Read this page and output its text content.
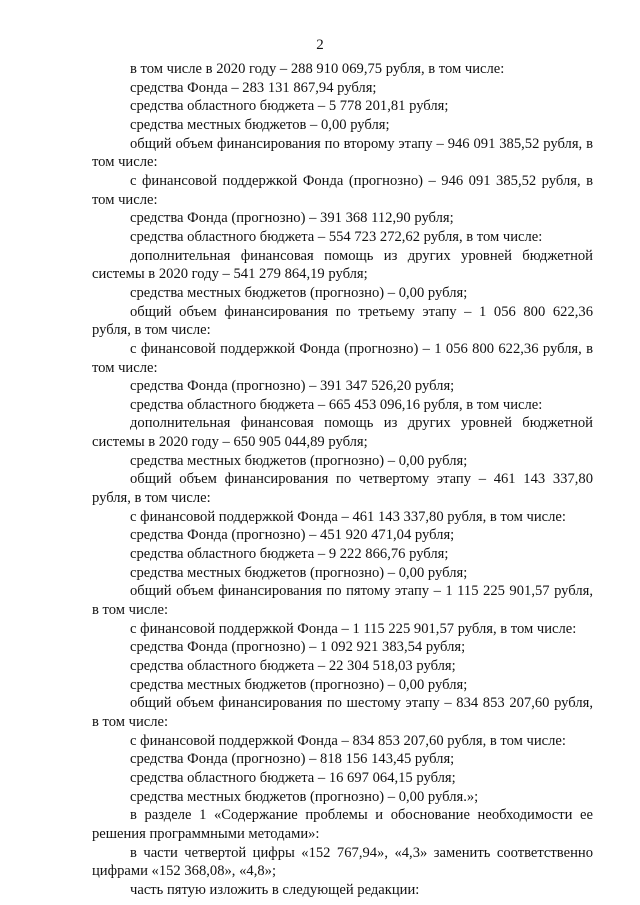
2

в том числе в 2020 году – 288 910 069,75 рубля, в том числе:

средства Фонда – 283 131 867,94 рубля;

средства областного бюджета – 5 778 201,81 рубля;

средства местных бюджетов – 0,00 рубля;

общий объем финансирования по второму этапу – 946 091 385,52 рубля, в том числе:

с финансовой поддержкой Фонда (прогнозно) – 946 091 385,52 рубля, в том числе:

средства Фонда (прогнозно) – 391 368 112,90 рубля;

средства областного бюджета – 554 723 272,62 рубля, в том числе:

дополнительная финансовая помощь из других уровней бюджетной системы в 2020 году – 541 279 864,19 рубля;

средства местных бюджетов (прогнозно) – 0,00 рубля;

общий объем финансирования по третьему этапу – 1 056 800 622,36 рубля, в том числе:

с финансовой поддержкой Фонда (прогнозно) – 1 056 800 622,36 рубля, в том числе:

средства Фонда (прогнозно) – 391 347 526,20 рубля;

средства областного бюджета – 665 453 096,16 рубля, в том числе:

дополнительная финансовая помощь из других уровней бюджетной системы в 2020 году – 650 905 044,89 рубля;

средства местных бюджетов (прогнозно) – 0,00 рубля;

общий объем финансирования по четвертому этапу – 461 143 337,80 рубля, в том числе:

с финансовой поддержкой Фонда – 461 143 337,80 рубля, в том числе:

средства Фонда (прогнозно) – 451 920 471,04 рубля;

средства областного бюджета – 9 222 866,76 рубля;

средства местных бюджетов (прогнозно) – 0,00 рубля;

общий объем финансирования по пятому этапу – 1 115 225 901,57 рубля, в том числе:

с финансовой поддержкой Фонда – 1 115 225 901,57 рубля, в том числе:

средства Фонда (прогнозно) – 1 092 921 383,54 рубля;

средства областного бюджета – 22 304 518,03 рубля;

средства местных бюджетов (прогнозно) – 0,00 рубля;

общий объем финансирования по шестому этапу – 834 853 207,60 рубля, в том числе:

с финансовой поддержкой Фонда – 834 853 207,60 рубля, в том числе:

средства Фонда (прогнозно) – 818 156 143,45 рубля;

средства областного бюджета – 16 697 064,15 рубля;

средства местных бюджетов (прогнозно) – 0,00 рубля.»;

в разделе 1 «Содержание проблемы и обоснование необходимости ее решения программными методами»:

в части четвертой цифры «152 767,94», «4,3» заменить соответственно цифрами «152 368,08», «4,8»;

часть пятую изложить в следующей редакции:
